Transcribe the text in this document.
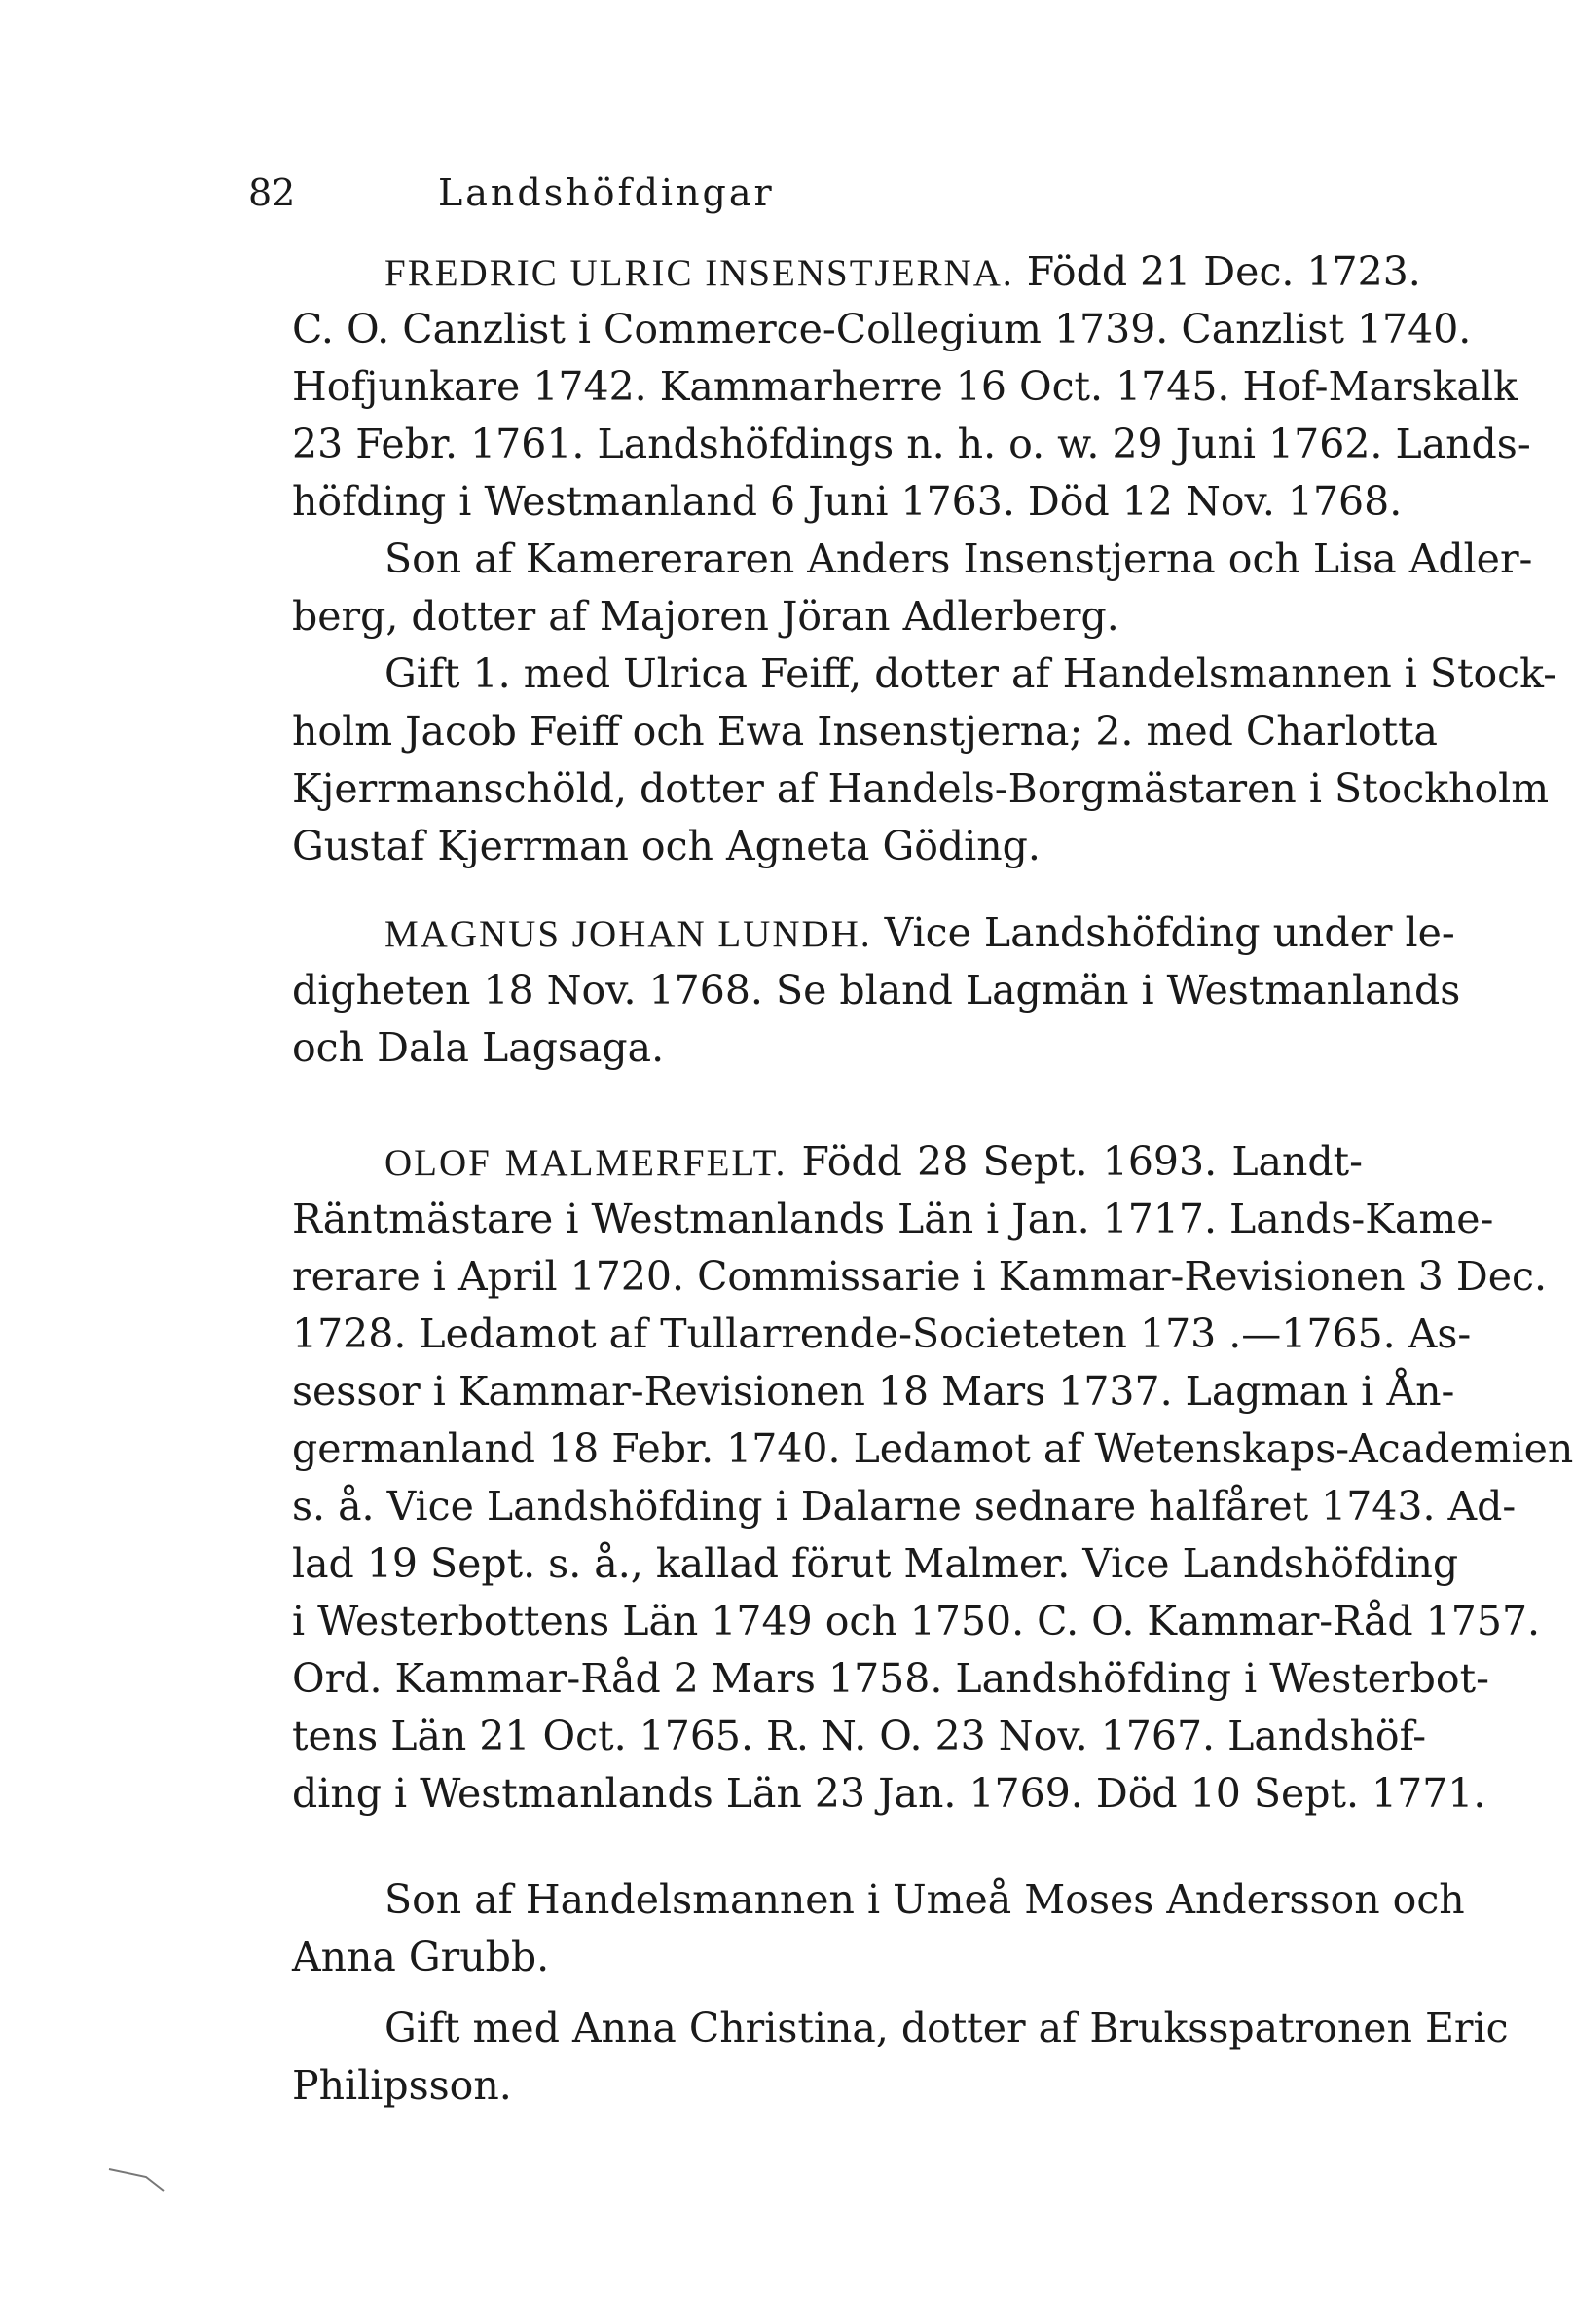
82	Landshöfdingar
FREDRIC ULRIC INSENSTJERNA. Född 21 Dec. 1723.
C. O. Canzlist i Commerce-Collegium 1739. Canzlist 1740.
Hofjunkare 1742. Kammarherre 16 Oct. 1745. Hof-Marskalk
23 Febr. 1761. Landshöfdings n. h. o. w. 29 Juni 1762. Lands-
höfding i Westmanland 6 Juni 1763. Död 12 Nov. 1768.
Son af Kamereraren Anders Insenstjerna och Lisa Adler-
berg, dotter af Majoren Jöran Adlerberg.
Gift 1. med Ulrica Feiff, dotter af Handelsmannen i Stock-
holm Jacob Feiff och Ewa Insenstjerna; 2. med Charlotta
Kjerrmanschöld, dotter af Handels-Borgmästaren i Stockholm
Gustaf Kjerrman och Agneta Göding.
MAGNUS JOHAN LUNDH. Vice Landshöfding under le-
digheten 18 Nov. 1768. Se bland Lagmän i Westmanlands
och Dala Lagsaga.
OLOF MALMERFELT. Född 28 Sept. 1693. Landt-
Räntmästare i Westmanlands Län i Jan. 1717. Lands-Kame-
rerare i April 1720. Commissarie i Kammar-Revisionen 3 Dec.
1728. Ledamot af Tullarrende-Societeten 173 .—1765. As-
sessor i Kammar-Revisionen 18 Mars 1737. Lagman i Ån-
germanland 18 Febr. 1740. Ledamot af Wetenskaps-Academien
s. å. Vice Landshöfding i Dalarne sednare halfåret 1743. Ad-
lad 19 Sept. s. å., kallad förut Malmer. Vice Landshöfding
i Westerbottens Län 1749 och 1750. C. O. Kammar-Råd 1757.
Ord. Kammar-Råd 2 Mars 1758. Landshöfding i Westerbot-
tens Län 21 Oct. 1765. R. N. O. 23 Nov. 1767. Landshöf-
ding i Westmanlands Län 23 Jan. 1769. Död 10 Sept. 1771.
Son af Handelsmannen i Umeå Moses Andersson och
Anna Grubb.
Gift med Anna Christina, dotter af Bruksspatronen Eric
Philipsson.
